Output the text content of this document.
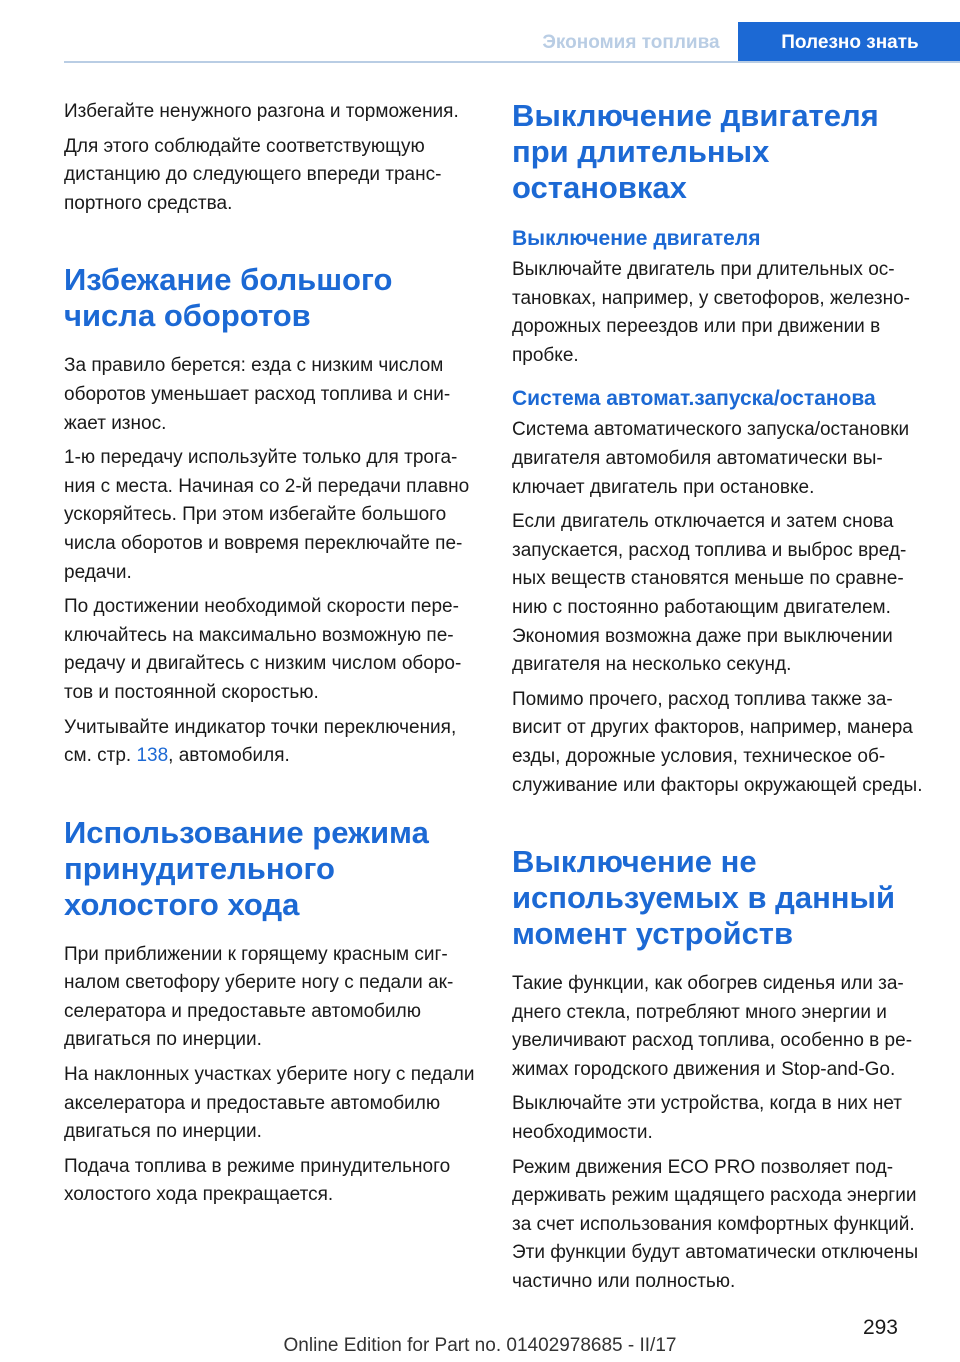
Экономия топлива	Полезно знать

Избегайте ненужного разгона и торможения.

Для этого соблюдайте соответствующую дистанцию до следующего впереди транспортного средства.

Избежание большого числа оборотов

За правило берется: езда с низким числом оборотов уменьшает расход топлива и снижает износ.

1-ю передачу используйте только для трогания с места. Начиная со 2-й передачи плавно ускоряйтесь. При этом избегайте большого числа оборотов и вовремя переключайте передачи.

По достижении необходимой скорости переключайтесь на максимально возможную передачу и двигайтесь с низким числом оборотов и постоянной скоростью.

Учитывайте индикатор точки переключения, см. стр. 138, автомобиля.

Использование режима принудительного холостого хода

При приближении к горящему красным сигналом светофору уберите ногу с педали акселератора и предоставьте автомобилю двигаться по инерции.

На наклонных участках уберите ногу с педали акселератора и предоставьте автомобилю двигаться по инерции.

Подача топлива в режиме принудительного холостого хода прекращается.

Выключение двигателя при длительных остановках
Выключение двигателя

Выключайте двигатель при длительных остановках, например, у светофоров, железнодорожных переездов или при движении в пробке.

Система автомат.запуска/останова

Система автоматического запуска/остановки двигателя автомобиля автоматически выключает двигатель при остановке.

Если двигатель отключается и затем снова запускается, расход топлива и выброс вредных веществ становятся меньше по сравнению с постоянно работающим двигателем. Экономия возможна даже при выключении двигателя на несколько секунд.

Помимо прочего, расход топлива также зависит от других факторов, например, манера езды, дорожные условия, техническое обслуживание или факторы окружающей среды.

Выключение не используемых в данный момент устройств

Такие функции, как обогрев сиденья или заднего стекла, потребляют много энергии и увеличивают расход топлива, особенно в режимах городского движения и Stop-and-Go.

Выключайте эти устройства, когда в них нет необходимости.

Режим движения ECO PRO позволяет поддерживать режим щадящего расхода энергии за счет использования комфортных функций. Эти функции будут автоматически отключены частично или полностью.

293
Online Edition for Part no. 01402978685 - II/17
